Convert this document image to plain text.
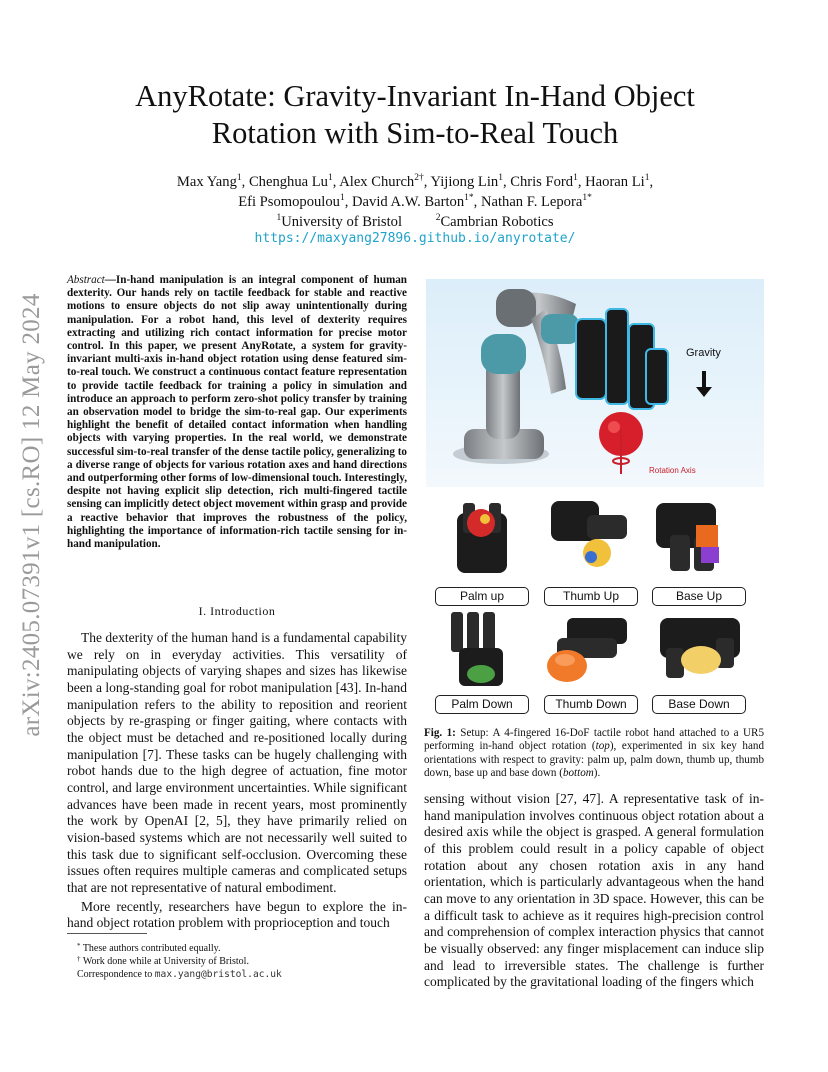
arXiv:2405.07391v1 [cs.RO] 12 May 2024
AnyRotate: Gravity-Invariant In-Hand Object
Rotation with Sim-to-Real Touch
Max Yang$^1$, Chenghua Lu$^1$, Alex Church$^{2\dagger}$, Yijiong Lin$^1$, Chris Ford$^1$, Haoran Li$^1$,
Efi Psomopoulou$^1$, David A.W. Barton$^{1*}$, Nathan F. Lepora$^{1*}$
$^1$University of Bristol	$^2$Cambrian Robotics
https://maxyang27896.github.io/anyrotate/
Abstract—In-hand manipulation is an integral component of human dexterity. Our hands rely on tactile feedback for stable and reactive motions to ensure objects do not slip away unintentionally during manipulation. For a robot hand, this level of dexterity requires extracting and utilizing rich contact information for precise motor control. In this paper, we present AnyRotate, a system for gravity-invariant multi-axis in-hand object rotation using dense featured sim-to-real touch. We construct a continuous contact feature representation to provide tactile feedback for training a policy in simulation and introduce an approach to perform zero-shot policy transfer by training an observation model to bridge the sim-to-real gap. Our experiments highlight the benefit of detailed contact information when handling objects with varying properties. In the real world, we demonstrate successful sim-to-real transfer of the dense tactile policy, generalizing to a diverse range of objects for various rotation axes and hand directions and outperforming other forms of low-dimensional touch. Interestingly, despite not having explicit slip detection, rich multi-fingered tactile sensing can implicitly detect object movement within grasp and provide a reactive behavior that improves the robustness of the policy, highlighting the importance of information-rich tactile sensing for in-hand manipulation.
I. Introduction

The dexterity of the human hand is a fundamental capability we rely on in everyday activities. This versatility of manipulating objects of varying shapes and sizes has likewise been a long-standing goal for robot manipulation [43]. In-hand manipulation refers to the ability to reposition and reorient objects by re-grasping or finger gaiting, where contacts with the object must be detached and re-positioned locally during manipulation [7]. These tasks can be hugely challenging with robot hands due to the high degree of actuation, fine motor control, and large environment uncertainties. While significant advances have been made in recent years, most prominently the work by OpenAI [2, 5], they have primarily relied on vision-based systems which are not necessarily well suited to this task due to significant self-occlusion. Overcoming these issues often requires multiple cameras and complicated setups that are not representative of natural embodiment.

More recently, researchers have begun to explore the in-hand object rotation problem with proprioception and touch

* These authors contributed equally.
† Work done while at University of Bristol.
Correspondence to max.yang@bristol.ac.uk
Gravity
Rotation Axis
Palm up	Thumb Up	Base Up
Palm Down	Thumb Down	Base Down
Fig. 1: Setup: A 4-fingered 16-DoF tactile robot hand attached to a UR5 performing in-hand object rotation (top), experimented in six key hand orientations with respect to gravity: palm up, palm down, thumb up, thumb down, base up and base down (bottom).

sensing without vision [27, 47]. A representative task of in-hand manipulation involves continuous object rotation about a desired axis while the object is grasped. A general formulation of this problem could result in a policy capable of object rotation about any chosen rotation axis in any hand orientation, which is particularly advantageous when the hand can move to any orientation in 3D space. However, this can be a difficult task to achieve as it requires high-precision control and comprehension of complex interaction physics that cannot be visually observed: any finger misplacement can induce slip and lead to irreversible states. The challenge is further complicated by the gravitational loading of the fingers which
